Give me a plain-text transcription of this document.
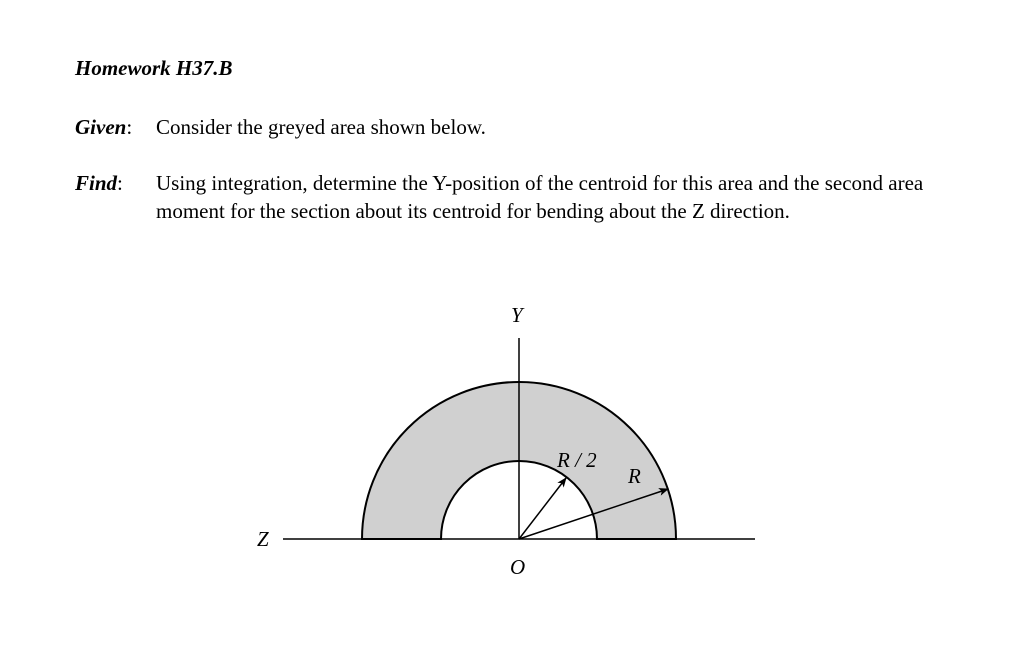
Homework H37.B
Given: Consider the greyed area shown below.
Find: Using integration, determine the Y-position of the centroid for this area and the second area moment for the section about its centroid for bending about the Z direction.
Y
Z
O
R / 2
R
